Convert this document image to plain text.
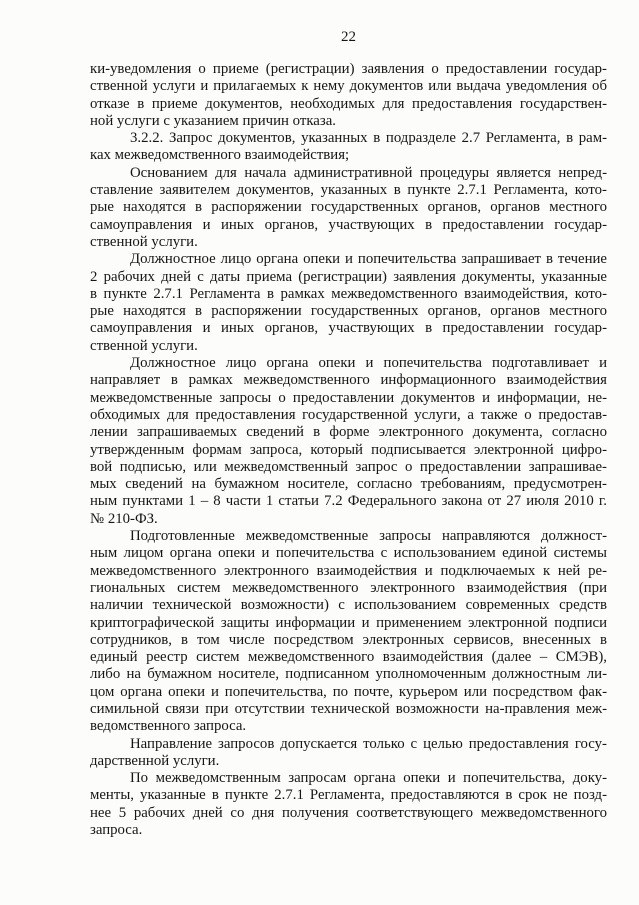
22
ки-уведомления о приеме (регистрации) заявления о предоставлении государ-
ственной услуги и прилагаемых к нему документов или выдача уведомления об
отказе в приеме документов, необходимых для предоставления государствен-
ной услуги с указанием причин отказа.
3.2.2. Запрос документов, указанных в подразделе 2.7 Регламента, в рам-
ках межведомственного взаимодействия;
Основанием для начала административной процедуры является непред-
ставление заявителем документов, указанных в пункте 2.7.1 Регламента, кото-
рые находятся в распоряжении государственных органов, органов местного
самоуправления и иных органов, участвующих в предоставлении государ-
ственной услуги.
Должностное лицо органа опеки и попечительства запрашивает в течение
2 рабочих дней с даты приема (регистрации) заявления документы, указанные
в пункте 2.7.1 Регламента в рамках межведомственного взаимодействия, кото-
рые находятся в распоряжении государственных органов, органов местного
самоуправления и иных органов, участвующих в предоставлении государ-
ственной услуги.
Должностное лицо органа опеки и попечительства подготавливает и
направляет в рамках межведомственного информационного взаимодействия
межведомственные запросы о предоставлении документов и информации, не-
обходимых для предоставления государственной услуги, а также о предостав-
лении запрашиваемых сведений в форме электронного документа, согласно
утвержденным формам запроса, который подписывается электронной цифро-
вой подписью, или межведомственный запрос о предоставлении запрашивае-
мых сведений на бумажном носителе, согласно требованиям, предусмотрен-
ным пунктами 1 – 8 части 1 статьи 7.2 Федерального закона от 27 июля 2010 г.
№ 210-ФЗ.
Подготовленные межведомственные запросы направляются должност-
ным лицом органа опеки и попечительства с использованием единой системы
межведомственного электронного взаимодействия и подключаемых к ней ре-
гиональных систем межведомственного электронного взаимодействия (при
наличии технической возможности) с использованием современных средств
криптографической защиты информации и применением электронной подписи
сотрудников, в том числе посредством электронных сервисов, внесенных в
единый реестр систем межведомственного взаимодействия (далее – СМЭВ),
либо на бумажном носителе, подписанном уполномоченным должностным ли-
цом органа опеки и попечительства, по почте, курьером или посредством фак-
симильной связи при отсутствии технической возможности на-правления меж-
ведомственного запроса.
Направление запросов допускается только с целью предоставления госу-
дарственной услуги.
По межведомственным запросам органа опеки и попечительства, доку-
менты, указанные в пункте 2.7.1 Регламента, предоставляются в срок не позд-
нее 5 рабочих дней со дня получения соответствующего межведомственного
запроса.
